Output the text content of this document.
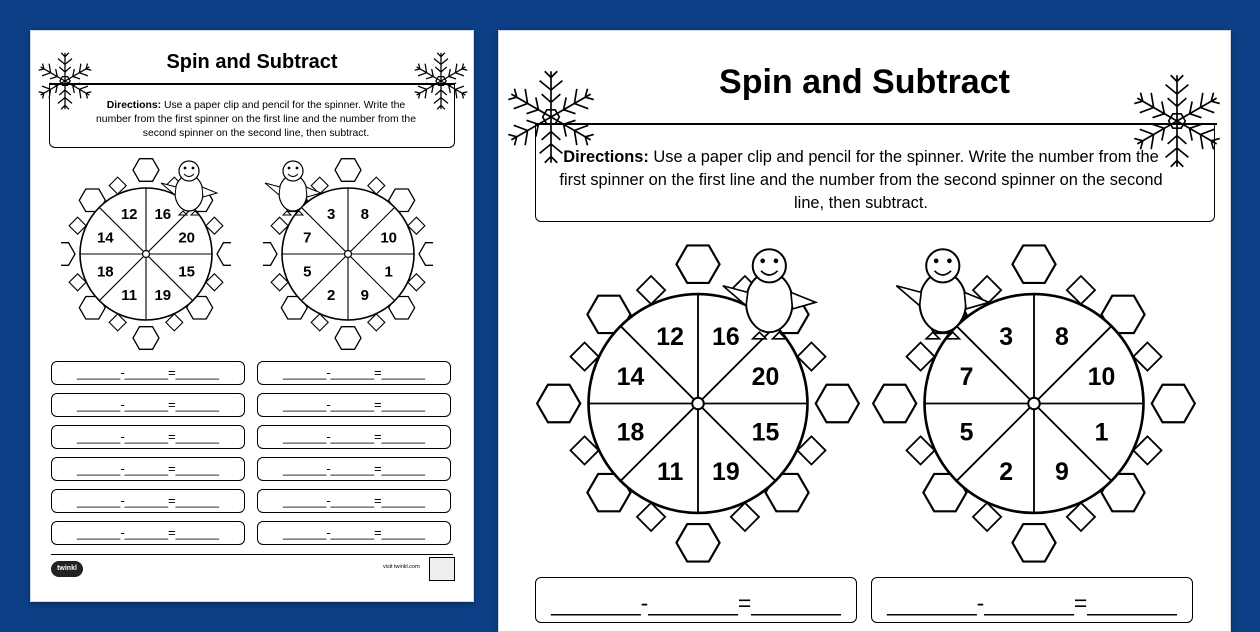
Spin and Subtract
Directions: Use a paper clip and pencil for the spinner. Write the number from the first spinner on the first line and the number from the second spinner on the second line, then subtract.
16
20
15
19
11
18
14
12	8
10
1
9
2
5
7
3
______-______=______	______-______=______
______-______=______	______-______=______
______-______=______	______-______=______
______-______=______	______-______=______
______-______=______	______-______=______
______-______=______	______-______=______
twinkl	visit twinkl.com
Spin and Subtract
Directions: Use a paper clip and pencil for the spinner. Write the number from the first spinner on the first line and the number from the second spinner on the second line, then subtract.
16
20
15
19
11
18
14
12	8
10
1
9
2
5
7
3
_______-_______=_______	_______-_______=_______
